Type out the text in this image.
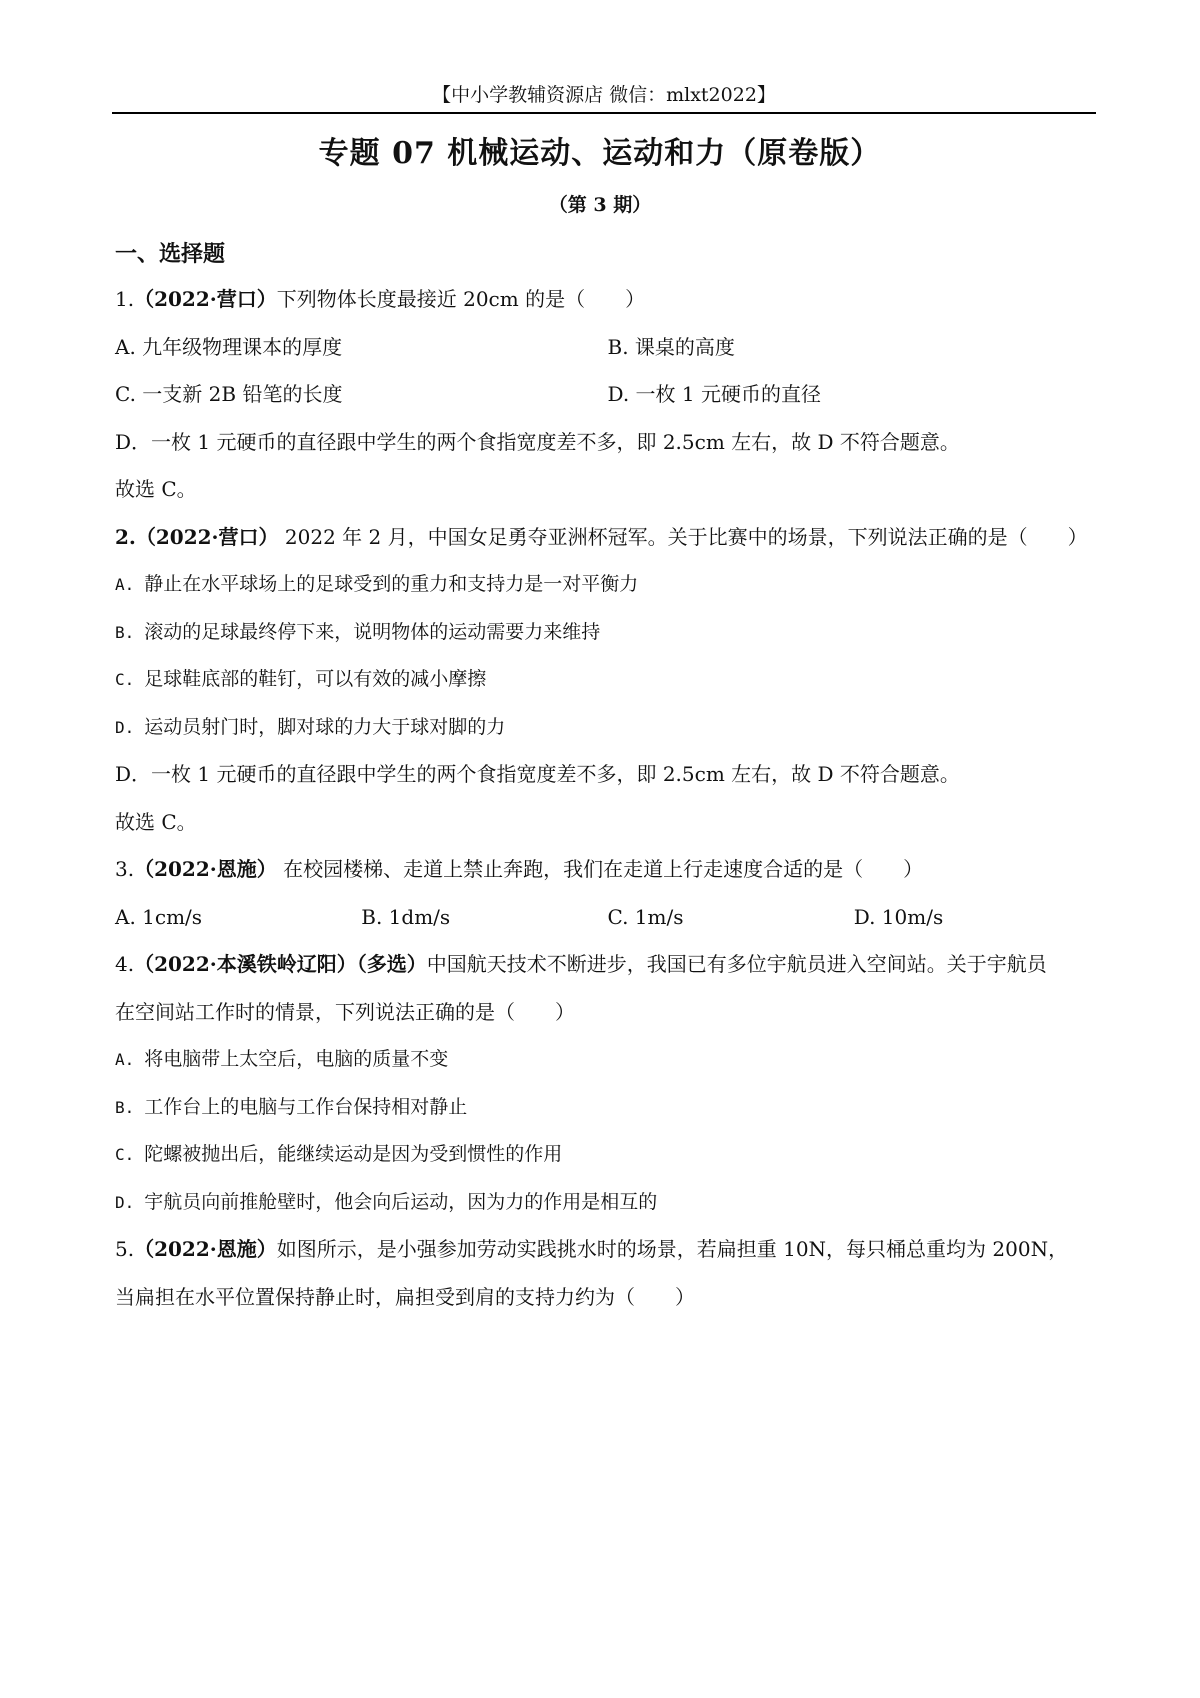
【中小学教辅资源店 微信：mlxt2022】
专题 07 机械运动、运动和力（原卷版）
（第 3 期）
一、选择题
1.（2022·营口）下列物体长度最接近 20cm 的是（　　）
A. 九年级物理课本的厚度	B. 课桌的高度
C. 一支新 2B 铅笔的长度	D. 一枚 1 元硬币的直径
D．一枚 1 元硬币的直径跟中学生的两个食指宽度差不多，即 2.5cm 左右，故 D 不符合题意。
故选 C。
2.（2022·营口） 2022 年 2 月，中国女足勇夺亚洲杯冠军。关于比赛中的场景，下列说法正确的是（　　）
A. 静止在水平球场上的足球受到的重力和支持力是一对平衡力
B. 滚动的足球最终停下来，说明物体的运动需要力来维持
C. 足球鞋底部的鞋钉，可以有效的减小摩擦
D. 运动员射门时，脚对球的力大于球对脚的力
D．一枚 1 元硬币的直径跟中学生的两个食指宽度差不多，即 2.5cm 左右，故 D 不符合题意。
故选 C。
3.（2022·恩施） 在校园楼梯、走道上禁止奔跑，我们在走道上行走速度合适的是（　　）
A. 1cm/s	B. 1dm/s	C. 1m/s	D. 10m/s
4.（2022·本溪铁岭辽阳）（多选）中国航天技术不断进步，我国已有多位宇航员进入空间站。关于宇航员
在空间站工作时的情景，下列说法正确的是（　　）
A. 将电脑带上太空后，电脑的质量不变
B. 工作台上的电脑与工作台保持相对静止
C. 陀螺被抛出后，能继续运动是因为受到惯性的作用
D. 宇航员向前推舱壁时，他会向后运动，因为力的作用是相互的
5.（2022·恩施）如图所示，是小强参加劳动实践挑水时的场景，若扁担重 10N，每只桶总重均为 200N，
当扁担在水平位置保持静止时，扁担受到肩的支持力约为（　　）
